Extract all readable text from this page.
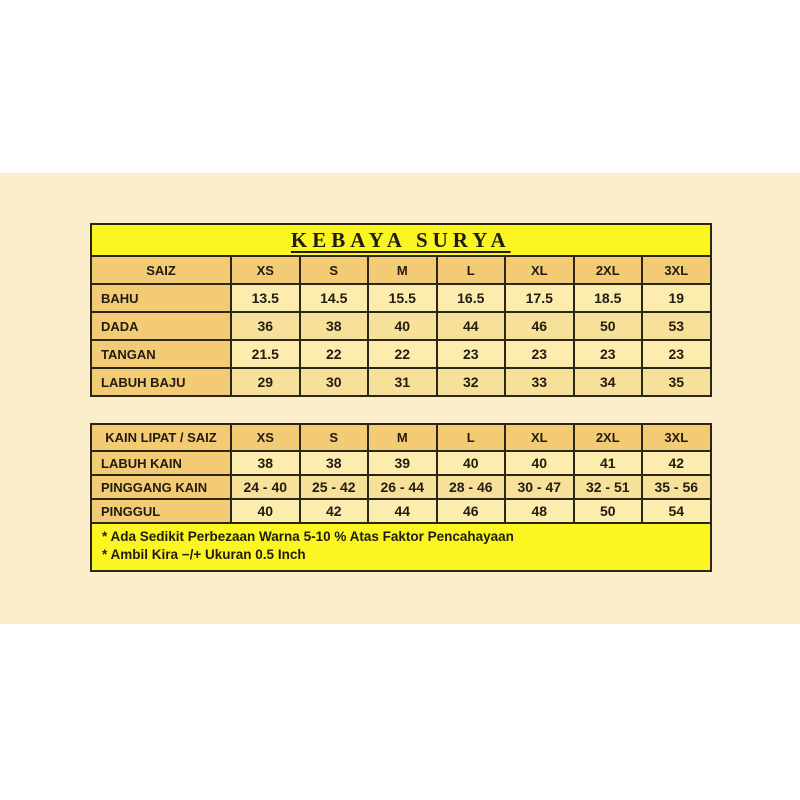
KEBAYA SURYA							
SAIZ	XS	S	M	L	XL	2XL	3XL
BAHU	13.5	14.5	15.5	16.5	17.5	18.5	19
DADA	36	38	40	44	46	50	53
TANGAN	21.5	22	22	23	23	23	23
LABUH BAJU	29	30	31	32	33	34	35
KAIN LIPAT / SAIZ	XS	S	M	L	XL	2XL	3XL
LABUH KAIN	38	38	39	40	40	41	42
PINGGANG KAIN	24 - 40	25 - 42	26 - 44	28 - 46	30 - 47	32 - 51	35 - 56
PINGGUL	40	42	44	46	48	50	54

* Ada Sedikit Perbezaan Warna 5-10 % Atas Faktor Pencahayaan
* Ambil Kira −/+ Ukuran 0.5 Inch							
